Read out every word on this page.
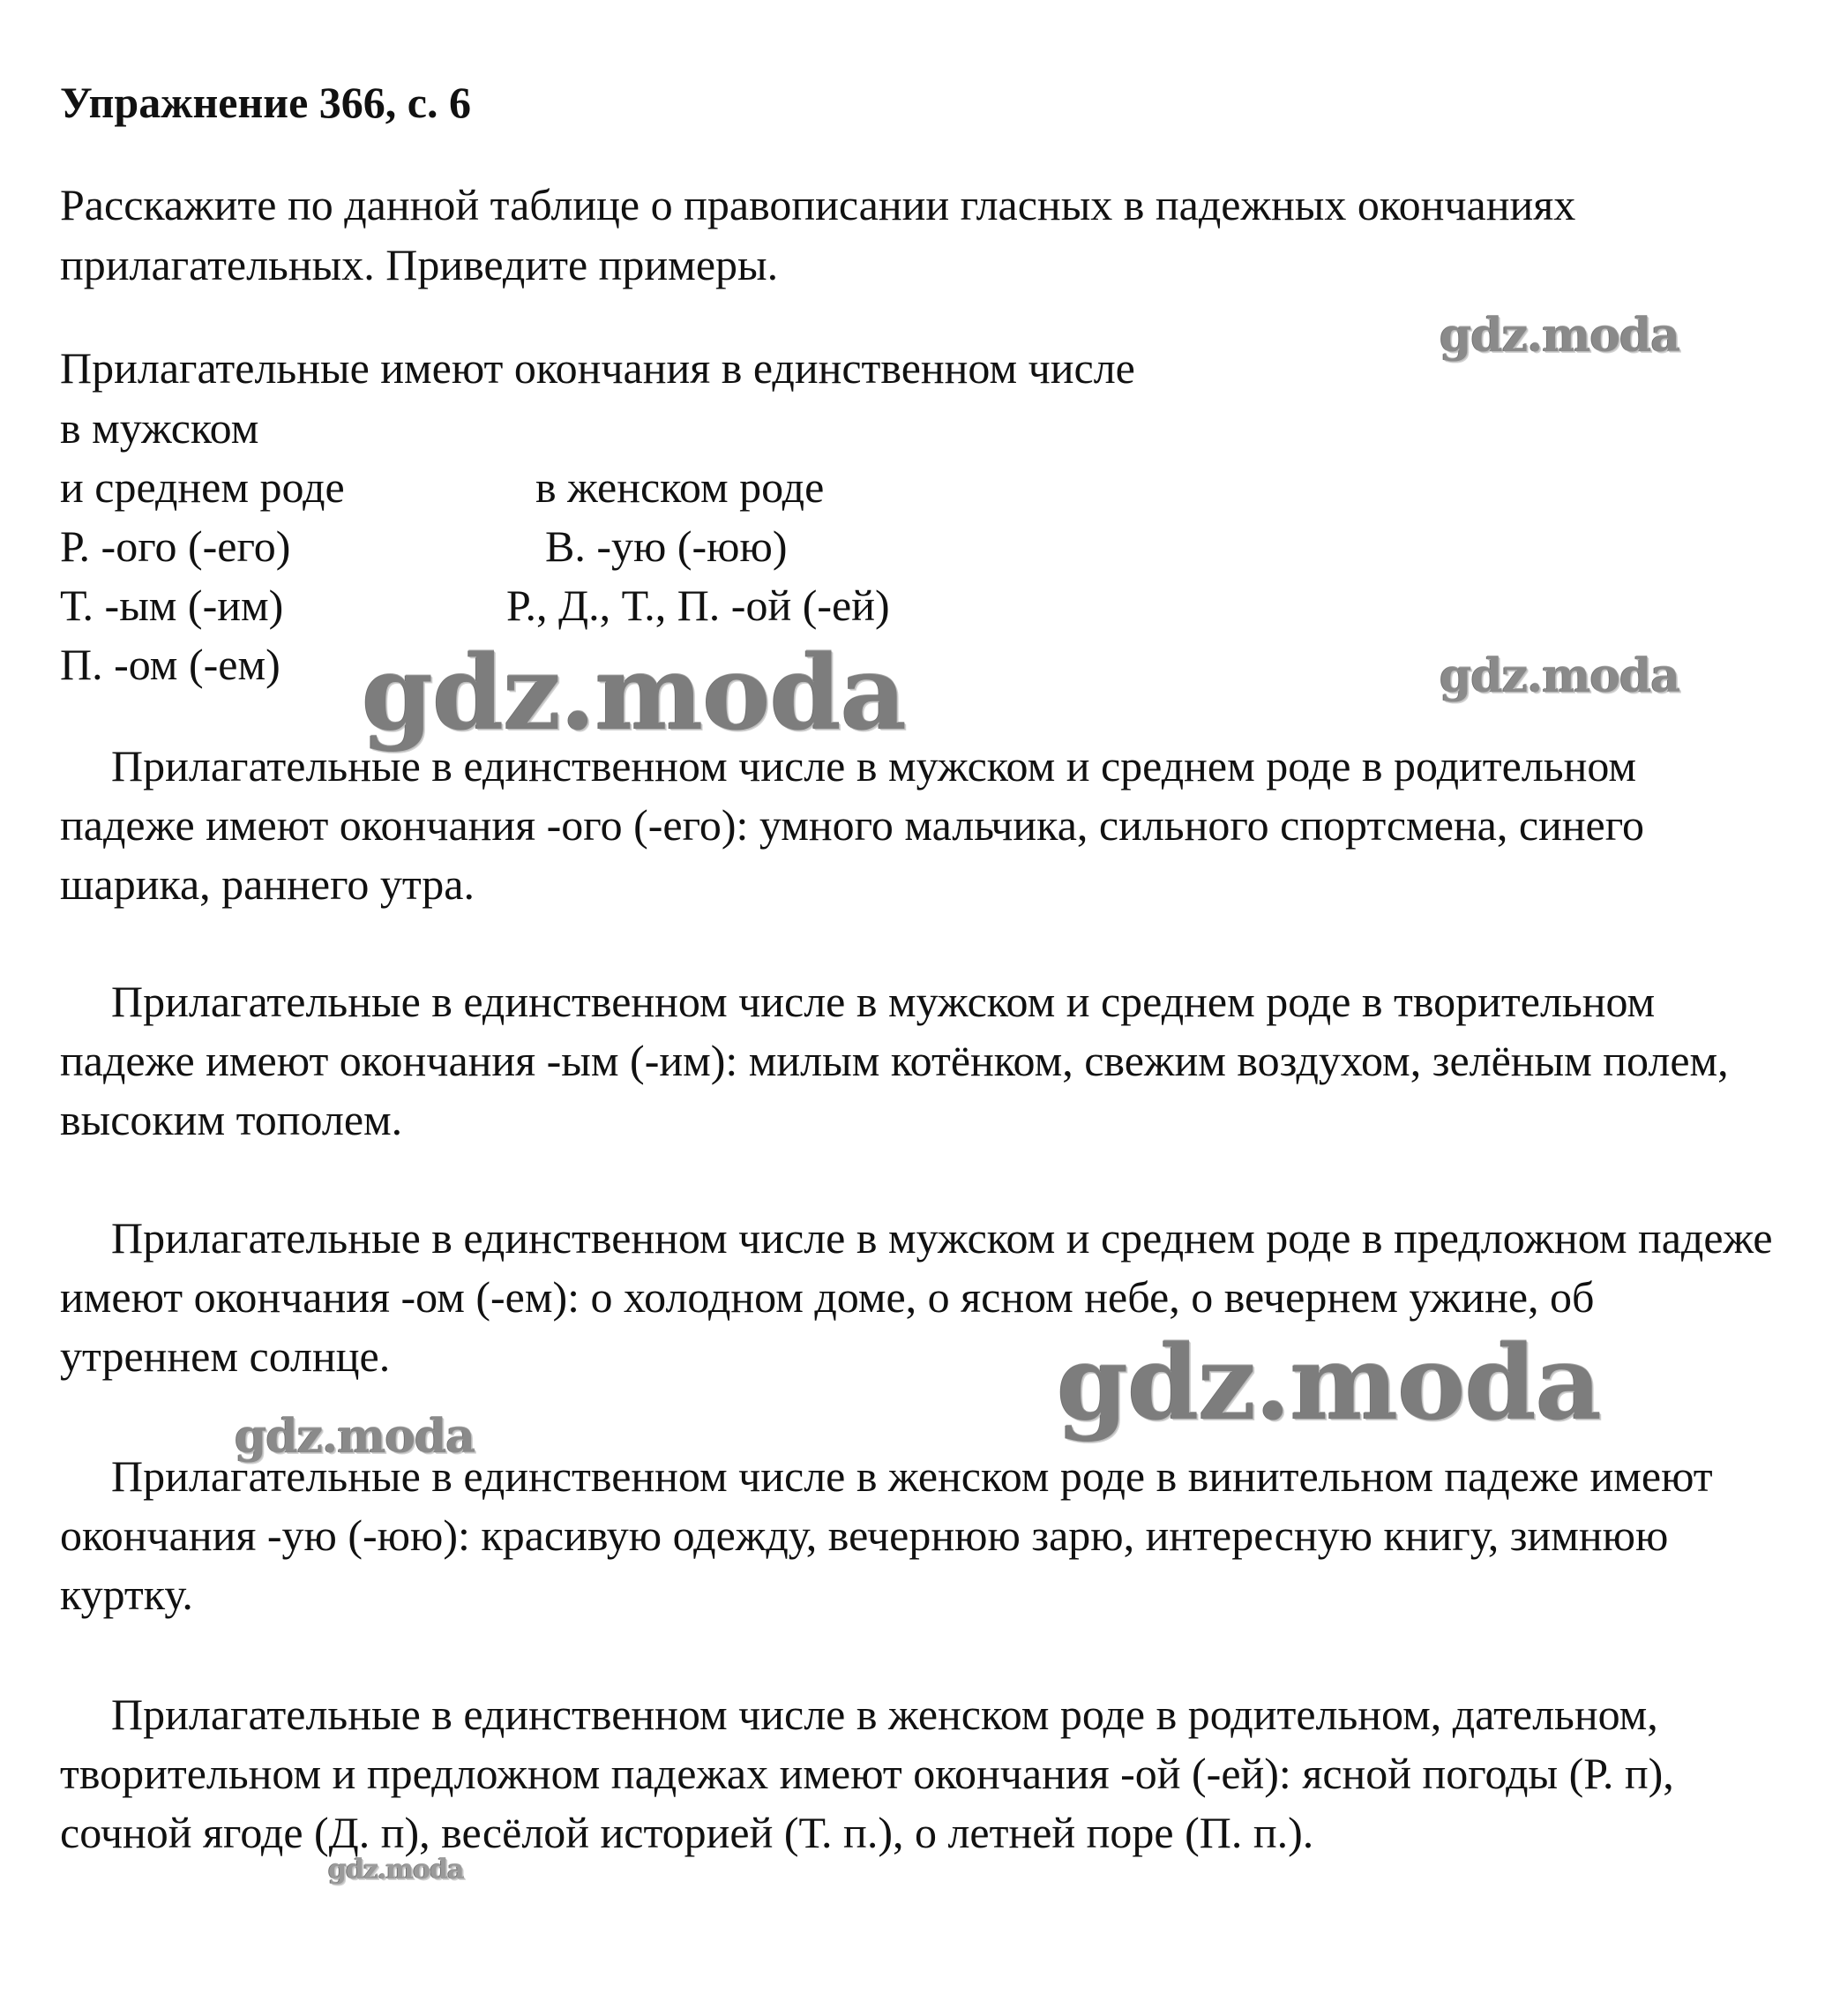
Упражнение 366, с. 6
Расскажите по данной таблице о правописании гласных в падежных окончаниях прилагательных. Приведите примеры.
Прилагательные имеют окончания в единственном числе
в мужском
и среднем роде	в женском роде
Р. -ого (-его)	В. -ую (-юю)
Т. -ым (-им)	Р., Д., Т., П. -ой (-ей)
П. -ом (-ем)
Прилагательные в единственном числе в мужском и среднем роде в родительном падеже имеют окончания -ого (-его): умного мальчика, сильного спортсмена, синего шарика, раннего утра.
Прилагательные в единственном числе в мужском и среднем роде в творительном падеже имеют окончания -ым (-им): милым котёнком, свежим воздухом, зелёным полем, высоким тополем.
Прилагательные в единственном числе в мужском и среднем роде в предложном падеже имеют окончания -ом (-ем): о холодном доме, о ясном небе, о вечернем ужине, об утреннем солнце.
Прилагательные в единственном числе в женском роде в винительном падеже имеют окончания -ую (-юю): красивую одежду, вечернюю зарю, интересную книгу, зимнюю куртку.
Прилагательные в единственном числе в женском роде в родительном, дательном, творительном и предложном падежах имеют окончания -ой (-ей): ясной погоды (Р. п), сочной ягоде (Д. п), весёлой историей (Т. п.), о летней поре (П. п.).
gdz.moda
gdz.moda	gdz.moda
gdz.moda
gdz.moda
gdz.moda
